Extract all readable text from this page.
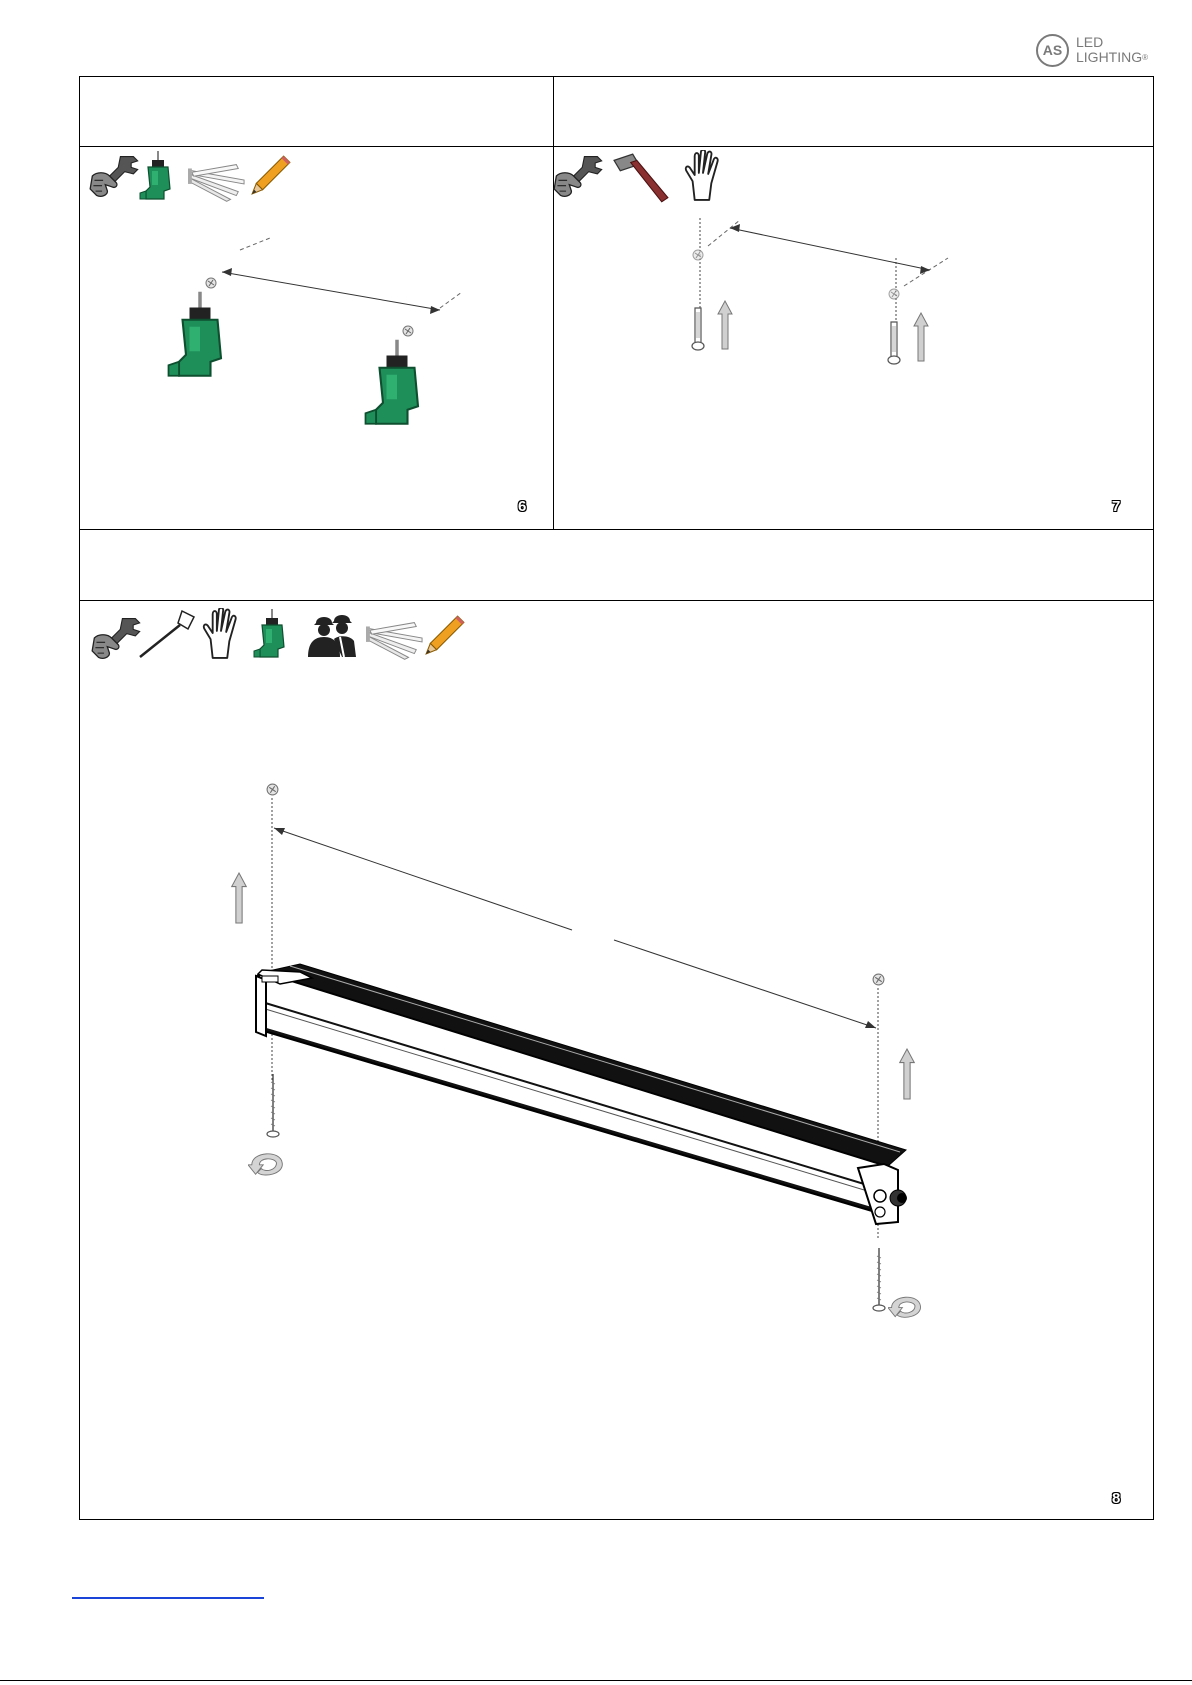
AS LED
LIGHTING®
6	7
8
